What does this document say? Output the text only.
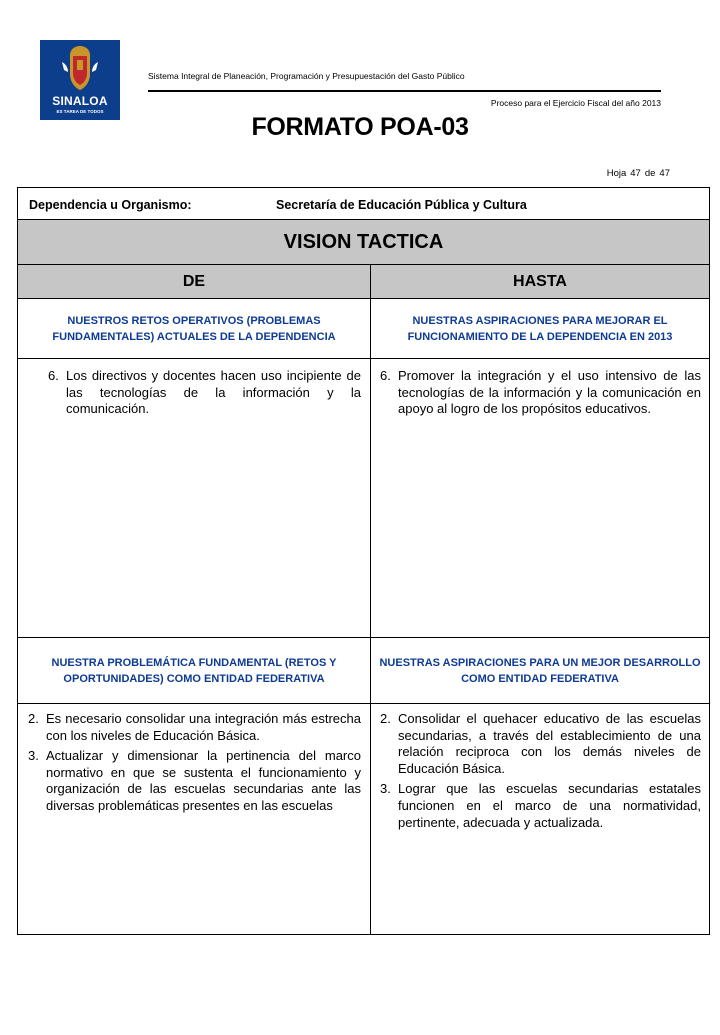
SINALOA
ES TAREA DE TODOS
Sistema Integral de Planeación, Programación y Presupuestación del Gasto Público
Proceso para el Ejercicio Fiscal del año 2013
FORMATO POA-03
Hoja 47 de 47
Dependencia u Organismo:	Secretaría de Educación Pública y Cultura
VISION TACTICA
DE	HASTA
NUESTROS RETOS OPERATIVOS (PROBLEMAS FUNDAMENTALES) ACTUALES DE LA DEPENDENCIA
NUESTRAS ASPIRACIONES PARA MEJORAR EL FUNCIONAMIENTO DE LA DEPENDENCIA EN 2013
6. Los directivos y docentes hacen uso incipiente de las tecnologías de la información y la comunicación.
6. Promover la integración y el uso intensivo de las tecnologías de la información y la comunicación en apoyo al logro de los propósitos educativos.
NUESTRA PROBLEMÁTICA FUNDAMENTAL (RETOS Y OPORTUNIDADES) COMO ENTIDAD FEDERATIVA
NUESTRAS ASPIRACIONES PARA UN MEJOR DESARROLLO COMO ENTIDAD FEDERATIVA
2. Es necesario consolidar una integración más estrecha con los niveles de Educación Básica.
3. Actualizar y dimensionar la pertinencia del marco normativo en que se sustenta el funcionamiento y organización de las escuelas secundarias ante las diversas problemáticas presentes en las escuelas
2. Consolidar el quehacer educativo de las escuelas secundarias, a través del establecimiento de una relación reciproca con los demás niveles de Educación Básica.
3. Lograr que las escuelas secundarias estatales funcionen en el marco de una normatividad, pertinente, adecuada y actualizada.
